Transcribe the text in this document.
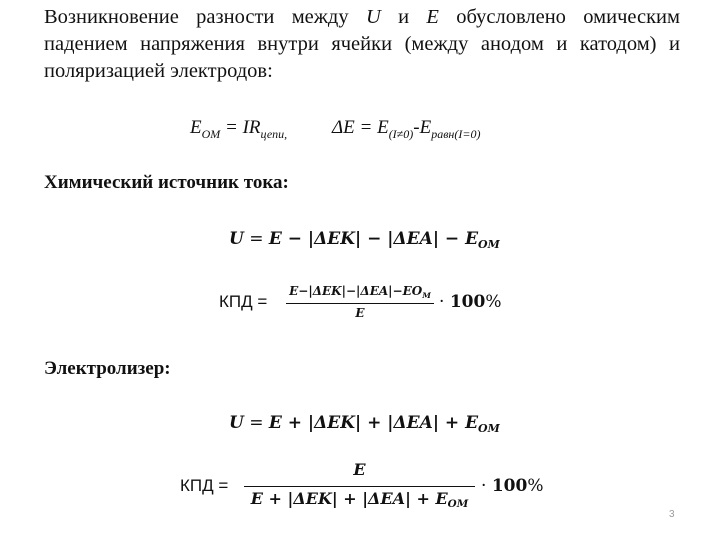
Возникновение разности между U и E обусловлено омическим падением напряжения внутри ячейки (между анодом и катодом) и поляризацией электродов:
$E_{ОМ} = IR_{цепи,}$ $\Delta E = E_{(I\ne 0)}-E_{равн(I=0)}$
Химический источник тока:
$U = E - |\Delta EK| - |\Delta EA| - E_{OM}$
КПД =
$E-|\Delta EK|-|\Delta EA|-EO_M$
E
· 100%
Электролизер:
$U = E + |\Delta EK| + |\Delta EA| + E_{OM}$
КПД =
E
$E + |\Delta EK| + |\Delta EA| + E_{OM}$
· 100%
3
